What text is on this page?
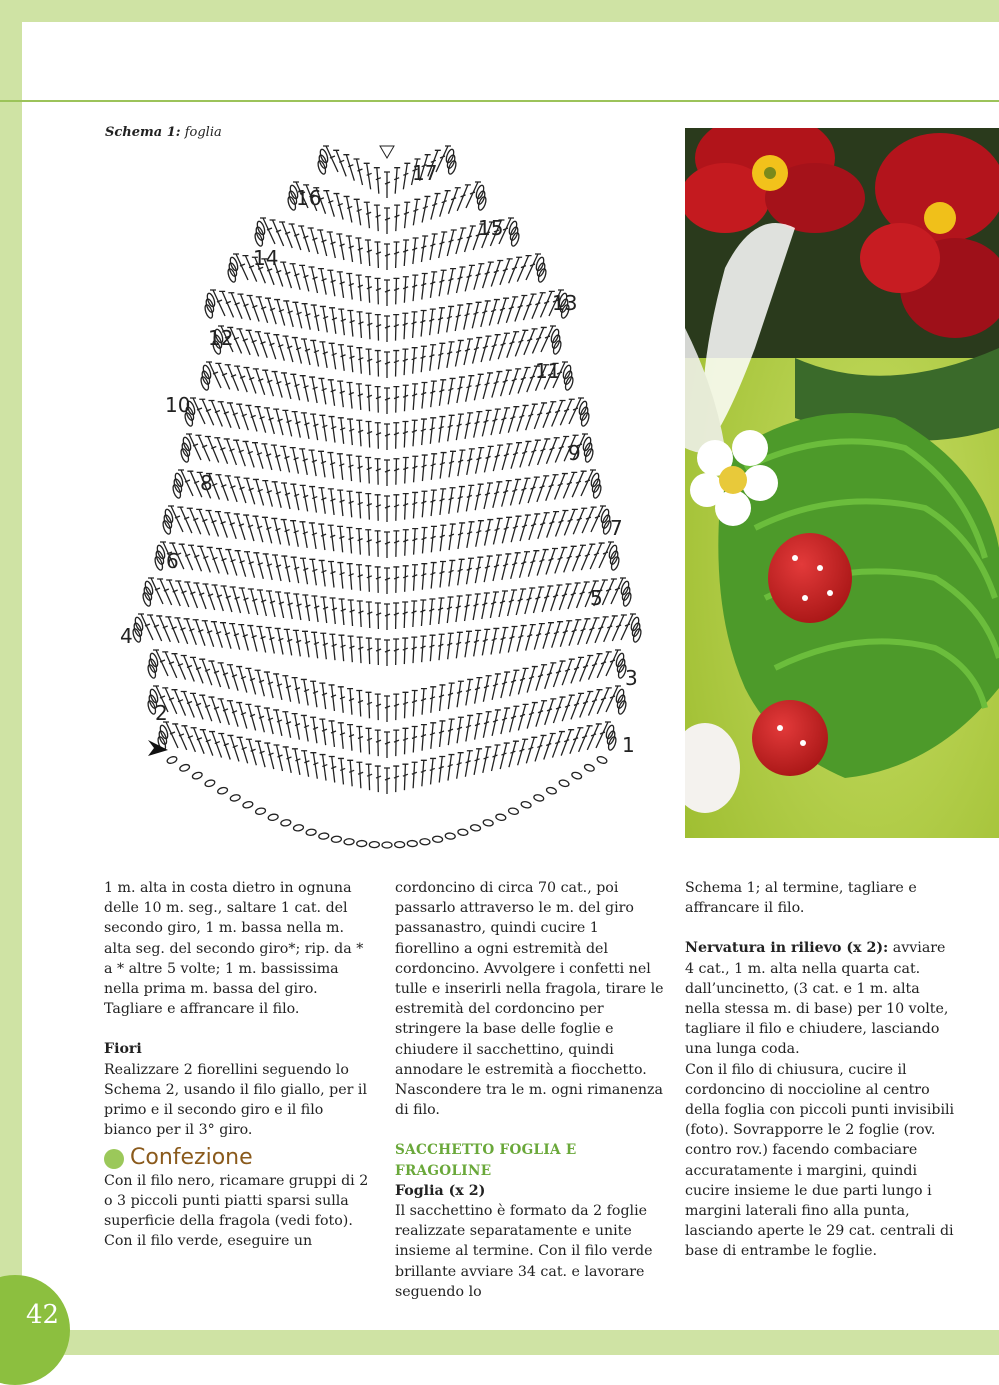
42
Schema 1: foglia
1
2
3
4
5
6
7
8
9
10
11
12
13
14
15
16
17

1 m. alta in costa dietro in ognuna delle 10 m. seg., saltare 1 cat. del secondo giro, 1 m. bassa nella m. alta seg. del secondo giro*; rip. da * a * altre 5 volte; 1 m. bassissima nella prima m. bassa del giro.

Tagliare e affrancare il filo.

Fiori

Realizzare 2 fiorellini seguendo lo Schema 2, usando il filo giallo, per il primo e il secondo giro e il filo bianco per il 3° giro.

Confezione

Con il filo nero, ricamare gruppi di 2 o 3 piccoli punti piatti sparsi sulla superficie della fragola (vedi foto). Con il filo verde, eseguire un

cordoncino di circa 70 cat., poi passarlo attraverso le m. del giro passanastro, quindi cucire 1 fiorellino a ogni estremità del cordoncino. Avvolgere i confetti nel tulle e inserirli nella fragola, tirare le estremità del cordoncino per stringere la base delle foglie e chiudere il sacchettino, quindi annodare le estremità a fiocchetto. Nascondere tra le m. ogni rimanenza di filo.

SACCHETTO FOGLIA E FRAGOLINE

Foglia (x 2)

Il sacchettino è formato da 2 foglie realizzate separatamente e unite insieme al termine. Con il filo verde brillante avviare 34 cat. e lavorare seguendo lo

Schema 1; al termine, tagliare e affrancare il filo.

Nervatura in rilievo (x 2): avviare 4 cat., 1 m. alta nella quarta cat. dall’uncinetto, (3 cat. e 1 m. alta nella stessa m. di base) per 10 volte, tagliare il filo e chiudere, lasciando una lunga coda.

Con il filo di chiusura, cucire il cordoncino di noccioline al centro della foglia con piccoli punti invisibili (foto). Sovrapporre le 2 foglie (rov. contro rov.) facendo combaciare accuratamente i margini, quindi cucire insieme le due parti lungo i margini laterali fino alla punta, lasciando aperte le 29 cat. centrali di base di entrambe le foglie.
